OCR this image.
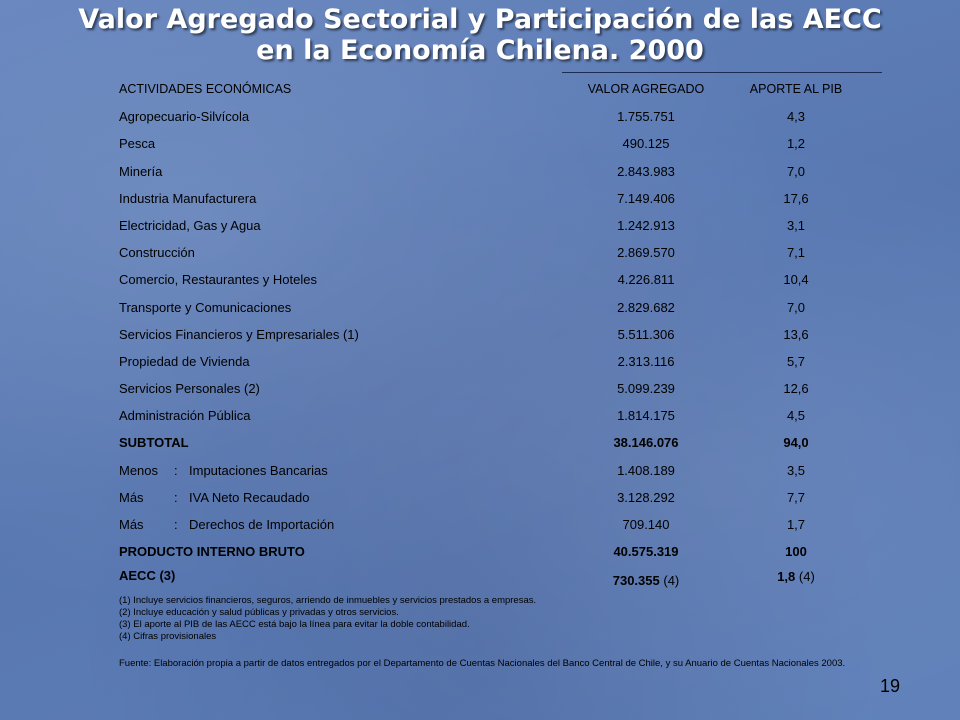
Valor Agregado Sectorial y Participación de las AECC
en la Economía Chilena. 2000
ACTIVIDADES ECONÓMICAS	VALOR AGREGADO	APORTE AL PIB
Agropecuario-Silvícola	1.755.751	4,3
Pesca	490.125	1,2
Minería	2.843.983	7,0
Industria Manufacturera	7.149.406	17,6
Electricidad, Gas y Agua	1.242.913	3,1
Construcción	2.869.570	7,1
Comercio, Restaurantes y Hoteles	4.226.811	10,4
Transporte y Comunicaciones	2.829.682	7,0
Servicios Financieros y Empresariales (1)	5.511.306	13,6
Propiedad de Vivienda	2.313.116	5,7
Servicios Personales (2)	5.099.239	12,6
Administración Pública	1.814.175	4,5
SUBTOTAL	38.146.076	94,0
Menos : Imputaciones Bancarias	1.408.189	3,5
Más : IVA Neto Recaudado	3.128.292	7,7
Más : Derechos de Importación	709.140	1,7
PRODUCTO INTERNO BRUTO	40.575.319	100
AECC (3)	730.355 (4)	1,8 (4)
(1) Incluye servicios financieros, seguros, arriendo de inmuebles y servicios prestados a empresas.
(2) Incluye educación y salud públicas y privadas y otros servicios.
(3) El aporte al PIB de las AECC está bajo la línea para evitar la doble contabilidad.
(4) Cifras provisionales
Fuente: Elaboración propia a partir de datos entregados por el Departamento de Cuentas Nacionales del Banco Central de Chile, y su Anuario de Cuentas Nacionales 2003.
19
